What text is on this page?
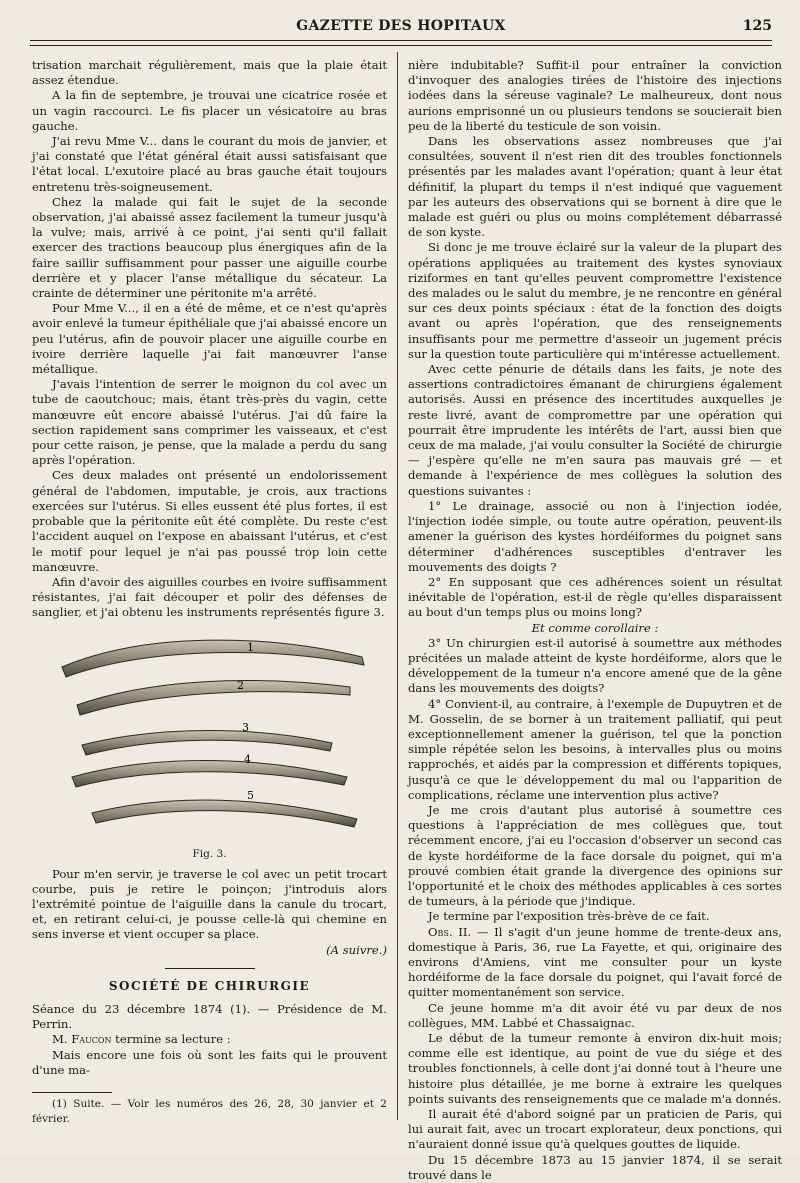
GAZETTE DES HOPITAUX	125

trisation marchait régulièrement, mais que la plaie était assez étendue.

A la fin de septembre, je trouvai une cicatrice rosée et un vagin raccourci. Le fis placer un vésicatoire au bras gauche.

J'ai revu Mme V... dans le courant du mois de janvier, et j'ai constaté que l'état général était aussi satisfaisant que l'état local. L'exutoire placé au bras gauche était toujours entretenu très-soigneusement.

Chez la malade qui fait le sujet de la seconde observation, j'ai abaissé assez facilement la tumeur jusqu'à la vulve; mais, arrivé à ce point, j'ai senti qu'il fallait exercer des tractions beaucoup plus énergiques afin de la faire saillir suffisamment pour passer une aiguille courbe derrière et y placer l'anse métallique du sécateur. La crainte de déterminer une péritonite m'a arrêté.

Pour Mme V..., il en a été de même, et ce n'est qu'après avoir enlevé la tumeur épithéliale que j'ai abaissé encore un peu l'utérus, afin de pouvoir placer une aiguille courbe en ivoire derrière laquelle j'ai fait manœuvrer l'anse métallique.

J'avais l'intention de serrer le moignon du col avec un tube de caoutchouc; mais, étant très-près du vagin, cette manœuvre eût encore abaissé l'utérus. J'ai dû faire la section rapidement sans comprimer les vaisseaux, et c'est pour cette raison, je pense, que la malade a perdu du sang après l'opération.

Ces deux malades ont présenté un endolorissement général de l'abdomen, imputable, je crois, aux tractions exercées sur l'utérus. Si elles eussent été plus fortes, il est probable que la péritonite eût été complète. Du reste c'est l'accident auquel on l'expose en abaissant l'utérus, et c'est le motif pour lequel je n'ai pas poussé trop loin cette manœuvre.

Afin d'avoir des aiguilles courbes en ivoire suffisamment résistantes, j'ai fait découper et polir des défenses de sanglier, et j'ai obtenu les instruments représentés figure 3.

1
2
3
4
5
Fig. 3.

Pour m'en servir, je traverse le col avec un petit trocart courbe, puis je retire le poinçon; j'introduis alors l'extrémité pointue de l'aiguille dans la canule du trocart, et, en retirant celui-ci, je pousse celle-là qui chemine en sens inverse et vient occuper sa place.

(A suivre.)

SOCIÉTÉ DE CHIRURGIE

Séance du 23 décembre 1874 (1). — Présidence de M. Perrin.

M. Faucon termine sa lecture :

Mais encore une fois où sont les faits qui le prouvent d'une ma-

(1) Suite. — Voir les numéros des 26, 28, 30 janvier et 2 février.

nière indubitable? Suffit-il pour entraîner la conviction d'invoquer des analogies tirées de l'histoire des injections iodées dans la séreuse vaginale? Le malheureux, dont nous aurions emprisonné un ou plusieurs tendons se soucierait bien peu de la liberté du testicule de son voisin.

Dans les observations assez nombreuses que j'ai consultées, souvent il n'est rien dit des troubles fonctionnels présentés par les malades avant l'opération; quant à leur état définitif, la plupart du temps il n'est indiqué que vaguement par les auteurs des observations qui se bornent à dire que le malade est guéri ou plus ou moins complétement débarrassé de son kyste.

Si donc je me trouve éclairé sur la valeur de la plupart des opérations appliquées au traitement des kystes synoviaux riziformes en tant qu'elles peuvent compromettre l'existence des malades ou le salut du membre, je ne rencontre en général sur ces deux points spéciaux : état de la fonction des doigts avant ou après l'opération, que des renseignements insuffisants pour me permettre d'asseoir un jugement précis sur la question toute particulière qui m'intéresse actuellement.

Avec cette pénurie de détails dans les faits, je note des assertions contradictoires émanant de chirurgiens également autorisés. Aussi en présence des incertitudes auxquelles je reste livré, avant de compromettre par une opération qui pourrait être imprudente les intérêts de l'art, aussi bien que ceux de ma malade, j'ai voulu consulter la Société de chirurgie — j'espère qu'elle ne m'en saura pas mauvais gré — et demande à l'expérience de mes collègues la solution des questions suivantes :

1° Le drainage, associé ou non à l'injection iodée, l'injection iodée simple, ou toute autre opération, peuvent-ils amener la guérison des kystes hordéiformes du poignet sans déterminer d'adhérences susceptibles d'entraver les mouvements des doigts ?

2° En supposant que ces adhérences soient un résultat inévitable de l'opération, est-il de règle qu'elles disparaissent au bout d'un temps plus ou moins long?

Et comme corollaire :

3° Un chirurgien est-il autorisé à soumettre aux méthodes précitées un malade atteint de kyste hordéiforme, alors que le développement de la tumeur n'a encore amené que de la gêne dans les mouvements des doigts?

4° Convient-il, au contraire, à l'exemple de Dupuytren et de M. Gosselin, de se borner à un traitement palliatif, qui peut exceptionnellement amener la guérison, tel que la ponction simple répétée selon les besoins, à intervalles plus ou moins rapprochés, et aidés par la compression et différents topiques, jusqu'à ce que le développement du mal ou l'apparition de complications, réclame une intervention plus active?

Je me crois d'autant plus autorisé à soumettre ces questions à l'appréciation de mes collègues que, tout récemment encore, j'ai eu l'occasion d'observer un second cas de kyste hordéiforme de la face dorsale du poignet, qui m'a prouvé combien était grande la divergence des opinions sur l'opportunité et le choix des méthodes applicables à ces sortes de tumeurs, à la période que j'indique.

Je termine par l'exposition très-brève de ce fait.

Obs. II. — Il s'agit d'un jeune homme de trente-deux ans, domestique à Paris, 36, rue La Fayette, et qui, originaire des environs d'Amiens, vint me consulter pour un kyste hordéiforme de la face dorsale du poignet, qui l'avait forcé de quitter momentanément son service.

Ce jeune homme m'a dit avoir été vu par deux de nos collègues, MM. Labbé et Chassaignac.

Le début de la tumeur remonte à environ dix-huit mois; comme elle est identique, au point de vue du siége et des troubles fonctionnels, à celle dont j'ai donné tout à l'heure une histoire plus détaillée, je me borne à extraire les quelques points suivants des renseignements que ce malade m'a donnés.

Il aurait été d'abord soigné par un praticien de Paris, qui lui aurait fait, avec un trocart explorateur, deux ponctions, qui n'auraient donné issue qu'à quelques gouttes de liquide.

Du 15 décembre 1873 au 15 janvier 1874, il se serait trouvé dans le
